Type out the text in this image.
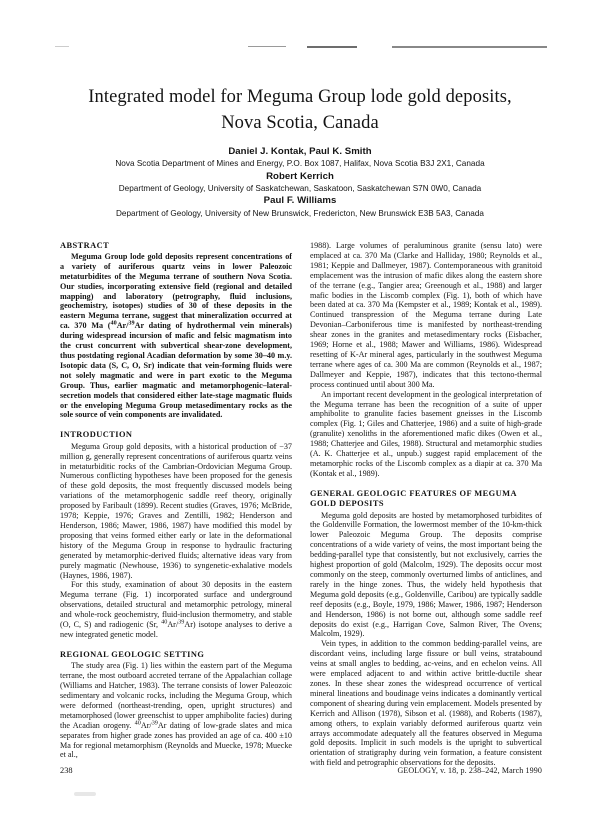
Integrated model for Meguma Group lode gold deposits,
Nova Scotia, Canada
Daniel J. Kontak, Paul K. Smith
Nova Scotia Department of Mines and Energy, P.O. Box 1087, Halifax, Nova Scotia B3J 2X1, Canada
Robert Kerrich
Department of Geology, University of Saskatchewan, Saskatoon, Saskatchewan S7N 0W0, Canada
Paul F. Williams
Department of Geology, University of New Brunswick, Fredericton, New Brunswick E3B 5A3, Canada
ABSTRACT

Meguma Group lode gold deposits represent concentrations of a variety of auriferous quartz veins in lower Paleozoic metaturbidites of the Meguma terrane of southern Nova Scotia. Our studies, incorporating extensive field (regional and detailed mapping) and laboratory (petrography, fluid inclusions, geochemistry, isotopes) studies of 30 of these deposits in the eastern Meguma terrane, suggest that mineralization occurred at ca. 370 Ma ($^{40}$Ar/$^{39}$Ar dating of hydrothermal vein minerals) during widespread incursion of mafic and felsic magmatism into the crust concurrent with subvertical shear-zone development, thus postdating regional Acadian deformation by some 30–40 m.y. Isotopic data (S, C, O, Sr) indicate that vein-forming fluids were not solely magmatic and were in part exotic to the Meguma Group. Thus, earlier magmatic and metamorphogenic–lateral-secretion models that considered either late-stage magmatic fluids or the enveloping Meguma Group metasedimentary rocks as the sole source of vein components are invalidated.

INTRODUCTION

Meguma Group gold deposits, with a historical production of −37 million g, generally represent concentrations of auriferous quartz veins in metaturbiditic rocks of the Cambrian-Ordovician Meguma Group. Numerous conflicting hypotheses have been proposed for the genesis of these gold deposits, the most frequently discussed models being variations of the metamorphogenic saddle reef theory, originally proposed by Faribault (1899). Recent studies (Graves, 1976; McBride, 1978; Keppie, 1976; Graves and Zentilli, 1982; Henderson and Henderson, 1986; Mawer, 1986, 1987) have modified this model by proposing that veins formed either early or late in the deformational history of the Meguma Group in response to hydraulic fracturing generated by metamorphic-derived fluids; alternative ideas vary from purely magmatic (Newhouse, 1936) to syngenetic-exhalative models (Haynes, 1986, 1987).

For this study, examination of about 30 deposits in the eastern Meguma terrane (Fig. 1) incorporated surface and underground observations, detailed structural and metamorphic petrology, mineral and whole-rock geochemistry, fluid-inclusion thermometry, and stable (O, C, S) and radiogenic (Sr, $^{40}$Ar/$^{39}$Ar) isotope analyses to derive a new integrated genetic model.

REGIONAL GEOLOGIC SETTING

The study area (Fig. 1) lies within the eastern part of the Meguma terrane, the most outboard accreted terrane of the Appalachian collage (Williams and Hatcher, 1983). The terrane consists of lower Paleozoic sedimentary and volcanic rocks, including the Meguma Group, which were deformed (northeast-trending, open, upright structures) and metamorphosed (lower greenschist to upper amphibolite facies) during the Acadian orogeny. $^{40}$Ar/$^{39}$Ar dating of low-grade slates and mica separates from higher grade zones has provided an age of ca. 400 ±10 Ma for regional metamorphism (Reynolds and Muecke, 1978; Muecke et al.,

1988). Large volumes of peraluminous granite (sensu lato) were emplaced at ca. 370 Ma (Clarke and Halliday, 1980; Reynolds et al., 1981; Keppie and Dallmeyer, 1987). Contemporaneous with granitoid emplacement was the intrusion of mafic dikes along the eastern shore of the terrane (e.g., Tangier area; Greenough et al., 1988) and larger mafic bodies in the Liscomb complex (Fig. 1), both of which have been dated at ca. 370 Ma (Kempster et al., 1989; Kontak et al., 1989). Continued transpression of the Meguma terrane during Late Devonian–Carboniferous time is manifested by northeast-trending shear zones in the granites and metasedimentary rocks (Eisbacher, 1969; Horne et al., 1988; Mawer and Williams, 1986). Widespread resetting of K-Ar mineral ages, particularly in the southwest Meguma terrane where ages of ca. 300 Ma are common (Reynolds et al., 1987; Dallmeyer and Keppie, 1987), indicates that this tectono-thermal process continued until about 300 Ma.

An important recent development in the geological interpretation of the Meguma terrane has been the recognition of a suite of upper amphibolite to granulite facies basement gneisses in the Liscomb complex (Fig. 1; Giles and Chatterjee, 1986) and a suite of high-grade (granulite) xenoliths in the aforementioned mafic dikes (Owen et al., 1988; Chatterjee and Giles, 1988). Structural and metamorphic studies (A. K. Chatterjee et al., unpub.) suggest rapid emplacement of the metamorphic rocks of the Liscomb complex as a diapir at ca. 370 Ma (Kontak et al., 1989).

GENERAL GEOLOGIC FEATURES OF MEGUMA
GOLD DEPOSITS

Meguma gold deposits are hosted by metamorphosed turbidites of the Goldenville Formation, the lowermost member of the 10-km-thick lower Paleozoic Meguma Group. The deposits comprise concentrations of a wide variety of veins, the most important being the bedding-parallel type that consistently, but not exclusively, carries the highest proportion of gold (Malcolm, 1929). The deposits occur most commonly on the steep, commonly overturned limbs of anticlines, and rarely in the hinge zones. Thus, the widely held hypothesis that Meguma gold deposits (e.g., Goldenville, Caribou) are typically saddle reef deposits (e.g., Boyle, 1979, 1986; Mawer, 1986, 1987; Henderson and Henderson, 1986) is not borne out, although some saddle reef deposits do exist (e.g., Harrigan Cove, Salmon River, The Ovens; Malcolm, 1929).

Vein types, in addition to the common bedding-parallel veins, are discordant veins, including large fissure or bull veins, stratabound veins at small angles to bedding, ac-veins, and en echelon veins. All were emplaced adjacent to and within active brittle-ductile shear zones. In these shear zones the widespread occurrence of vertical mineral lineations and boudinage veins indicates a dominantly vertical component of shearing during vein emplacement. Models presented by Kerrich and Allison (1978), Sibson et al. (1988), and Roberts (1987), among others, to explain variably deformed auriferous quartz vein arrays accommodate adequately all the features observed in Meguma gold deposits. Implicit in such models is the upright to subvertical orientation of stratigraphy during vein formation, a feature consistent with field and petrographic observations for the deposits.

238	GEOLOGY, v. 18, p. 238–242, March 1990
